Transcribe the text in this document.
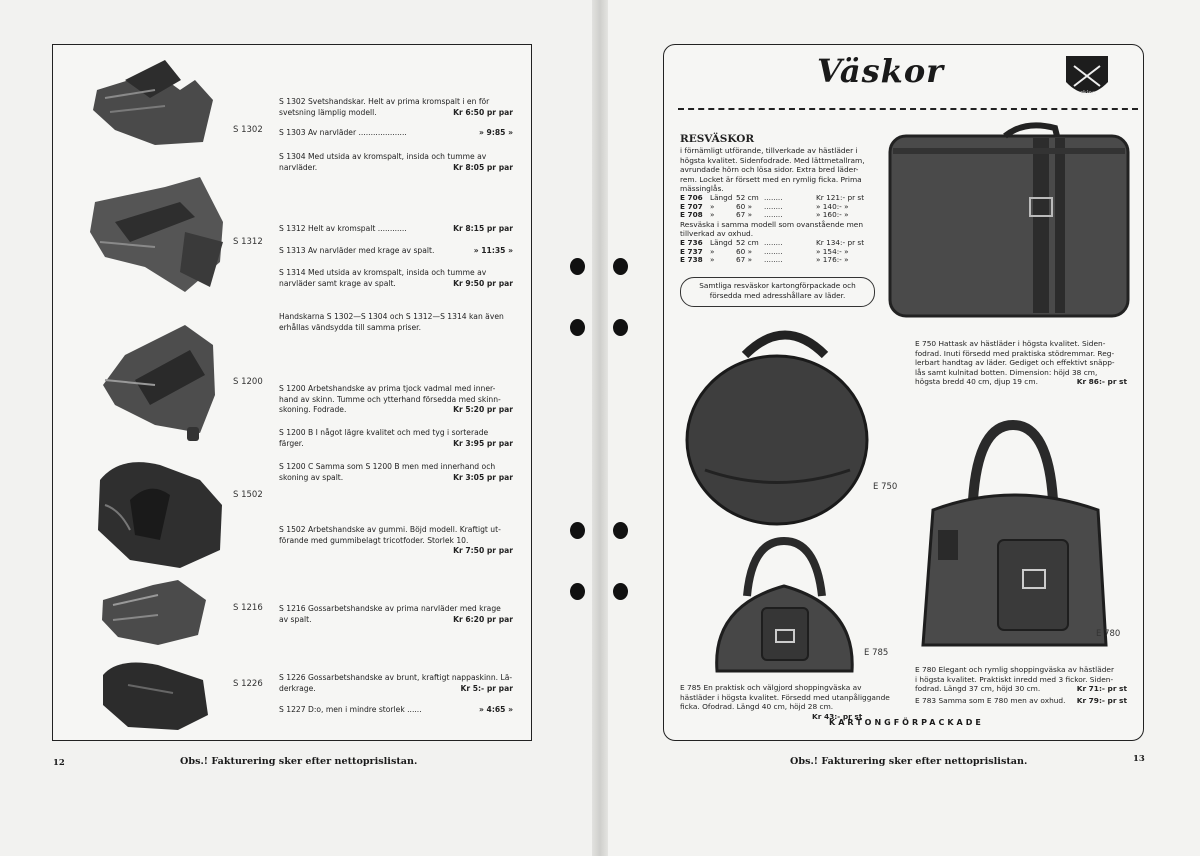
S 1302
S 1312
S 1200
S 1502
S 1216
S 1226
S 1302 Svetshandskar. Helt av prima kromspalt i en för
svetsning lämplig modell.	Kr 6:50 pr par
S 1303 Av narvläder ....................	» 9:85 »
S 1304 Med utsida av kromspalt, insida och tumme av
narvläder.	Kr 8:05 pr par
S 1312 Helt av kromspalt ............	Kr 8:15 pr par
S 1313 Av narvläder med krage av spalt.	» 11:35 »
S 1314 Med utsida av kromspalt, insida och tumme av
narvläder samt krage av spalt.	Kr 9:50 pr par
Handskarna S 1302—S 1304 och S 1312—S 1314 kan även
erhållas vändsydda till samma priser.
S 1200 Arbetshandske av prima tjock vadmal med inner-
hand av skinn. Tumme och ytterhand försedda med skinn-
skoning. Fodrade.	Kr 5:20 pr par
S 1200 B I något lägre kvalitet och med tyg i sorterade
färger.	Kr 3:95 pr par
S 1200 C Samma som S 1200 B men med innerhand och
skoning av spalt.	Kr 3:05 pr par
S 1502 Arbetshandske av gummi. Böjd modell. Kraftigt ut-
förande med gummibelagt tricotfoder. Storlek 10.
Kr 7:50 pr par
S 1216 Gossarbetshandske av prima narvläder med krage
av spalt.	Kr 6:20 pr par
S 1226 Gossarbetshandske av brunt, kraftigt nappaskinn. Lä-
derkrage.	Kr 5:- pr par
S 1227 D:o, men i mindre storlek ......	» 4:65 »
12	Obs.! Fakturering sker efter nettoprislistan.
Väskor
skinn
RESVÄSKOR
i förnämligt utförande, tillverkade av hästläder i
högsta kvalitet. Sidenfodrade. Med lättmetallram,
avrundade hörn och lösa sidor. Extra bred läder-
rem. Locket är försett med en rymlig ficka. Prima
mässinglås.
E 706 Längd 52 cm ........	Kr 121:- pr st
E 707 »	60 »	........	» 140:- »
E 708 »	67 »	........	» 160:- »
Resväska i samma modell som ovanstående men
tillverkad av oxhud.
E 736 Längd 52 cm ........	Kr 134:- pr st
E 737 »	60 »	........	» 154:- »
E 738 »	67 »	........	» 176:- »
Samtliga resväskor kartongförpackade och
försedda med adresshållare av läder.
E 750
E 750 Hattask av hästläder i högsta kvalitet. Siden-
fodrad. Inuti försedd med praktiska stödremmar. Reg-
lerbart handtag av läder. Gediget och effektivt snäpp-
lås samt kulnitad botten. Dimension: höjd 38 cm,
högsta bredd 40 cm, djup 19 cm.	Kr 86:- pr st
E 780
E 780 Elegant och rymlig shoppingväska av hästläder
i högsta kvalitet. Praktiskt inredd med 3 fickor. Siden-
fodrad. Längd 37 cm, höjd 30 cm.	Kr 71:- pr st
E 783 Samma som E 780 men av oxhud. Kr 79:- pr st
E 785
E 785 En praktisk och välgjord shoppingväska av
hästläder i högsta kvalitet. Försedd med utanpåliggande
ficka. Ofodrad. Längd 40 cm, höjd 28 cm.
Kr 43:- pr st
KARTONGFÖRPACKADE
Obs.! Fakturering sker efter nettoprislistan.	13
